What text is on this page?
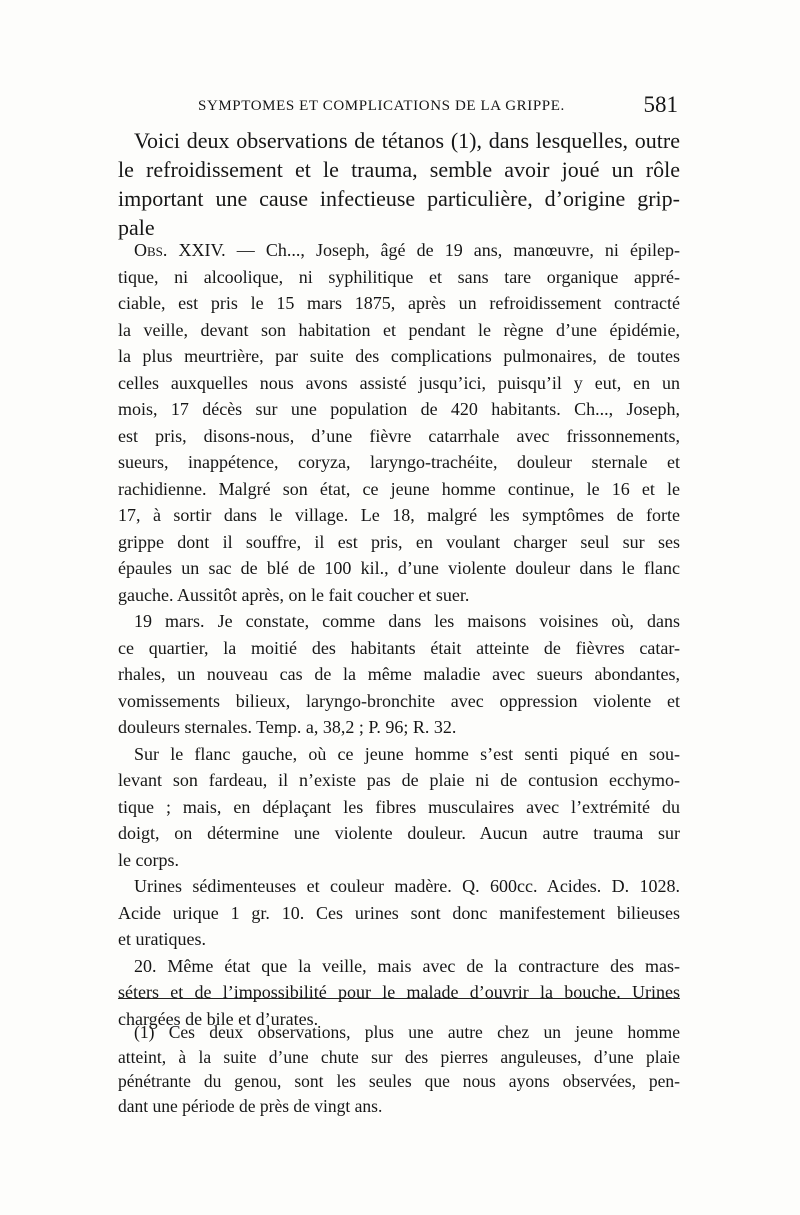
SYMPTOMES ET COMPLICATIONS DE LA GRIPPE.	581

Voici deux observations de tétanos (1), dans lesquelles, outre
le refroidissement et le trauma, semble avoir joué un rôle
important une cause infectieuse particulière, d’origine grip-
pale

Obs. XXIV. — Ch..., Joseph, âgé de 19 ans, manœuvre, ni épilep-
tique, ni alcoolique, ni syphilitique et sans tare organique appré-
ciable, est pris le 15 mars 1875, après un refroidissement contracté
la veille, devant son habitation et pendant le règne d’une épidémie,
la plus meurtrière, par suite des complications pulmonaires, de toutes
celles auxquelles nous avons assisté jusqu’ici, puisqu’il y eut, en un
mois, 17 décès sur une population de 420 habitants. Ch..., Joseph,
est pris, disons-nous, d’une fièvre catarrhale avec frissonnements,
sueurs, inappétence, coryza, laryngo-trachéite, douleur sternale et
rachidienne. Malgré son état, ce jeune homme continue, le 16 et le
17, à sortir dans le village. Le 18, malgré les symptômes de forte
grippe dont il souffre, il est pris, en voulant charger seul sur ses
épaules un sac de blé de 100 kil., d’une violente douleur dans le flanc
gauche. Aussitôt après, on le fait coucher et suer.
19 mars. Je constate, comme dans les maisons voisines où, dans
ce quartier, la moitié des habitants était atteinte de fièvres catar-
rhales, un nouveau cas de la même maladie avec sueurs abondantes,
vomissements bilieux, laryngo-bronchite avec oppression violente et
douleurs sternales. Temp. a, 38,2 ; P. 96; R. 32.
Sur le flanc gauche, où ce jeune homme s’est senti piqué en sou-
levant son fardeau, il n’existe pas de plaie ni de contusion ecchymo-
tique ; mais, en déplaçant les fibres musculaires avec l’extrémité du
doigt, on détermine une violente douleur. Aucun autre trauma sur
le corps.
Urines sédimenteuses et couleur madère. Q. 600cc. Acides. D. 1028.
Acide urique 1 gr. 10. Ces urines sont donc manifestement bilieuses
et uratiques.
20. Même état que la veille, mais avec de la contracture des mas-
séters et de l’impossibilité pour le malade d’ouvrir la bouche. Urines
chargées de bile et d’urates.

(1) Ces deux observations, plus une autre chez un jeune homme
atteint, à la suite d’une chute sur des pierres anguleuses, d’une plaie
pénétrante du genou, sont les seules que nous ayons observées, pen-
dant une période de près de vingt ans.
